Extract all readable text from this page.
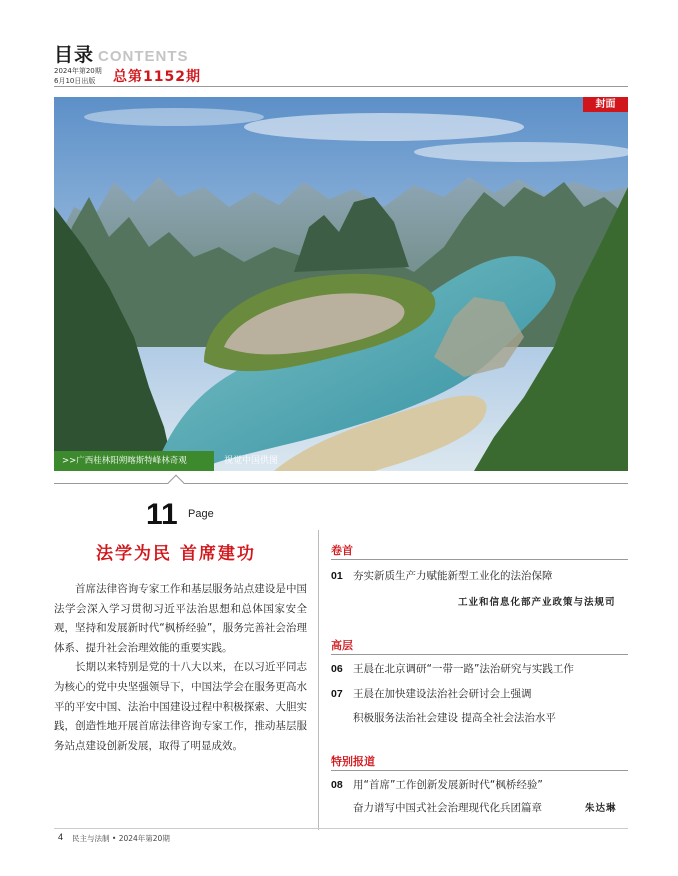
目录 CONTENTS
2024年第20期
6月10日出版	总第1152期
封面
>>广西桂林阳朔喀斯特峰林奇观	视觉中国供图
11 Page
法学为民 首席建功

首席法律咨询专家工作和基层服务站点建设是中国法学会深入学习贯彻习近平法治思想和总体国家安全观，坚持和发展新时代“枫桥经验”，服务完善社会治理体系、提升社会治理效能的重要实践。

长期以来特别是党的十八大以来，在以习近平同志为核心的党中央坚强领导下，中国法学会在服务更高水平的平安中国、法治中国建设过程中积极探索、大胆实践，创造性地开展首席法律咨询专家工作，推动基层服务站点建设创新发展，取得了明显成效。

卷首
01 夯实新质生产力赋能新型工业化的法治保障
工业和信息化部产业政策与法规司
高层
06 王晨在北京调研“一带一路”法治研究与实践工作
07 王晨在加快建设法治社会研讨会上强调
积极服务法治社会建设 提高全社会法治水平
特别报道
08 用“首席”工作创新发展新时代“枫桥经验”
奋力谱写中国式社会治理现代化兵团篇章	朱达琳
4 民主与法制 • 2024年第20期
